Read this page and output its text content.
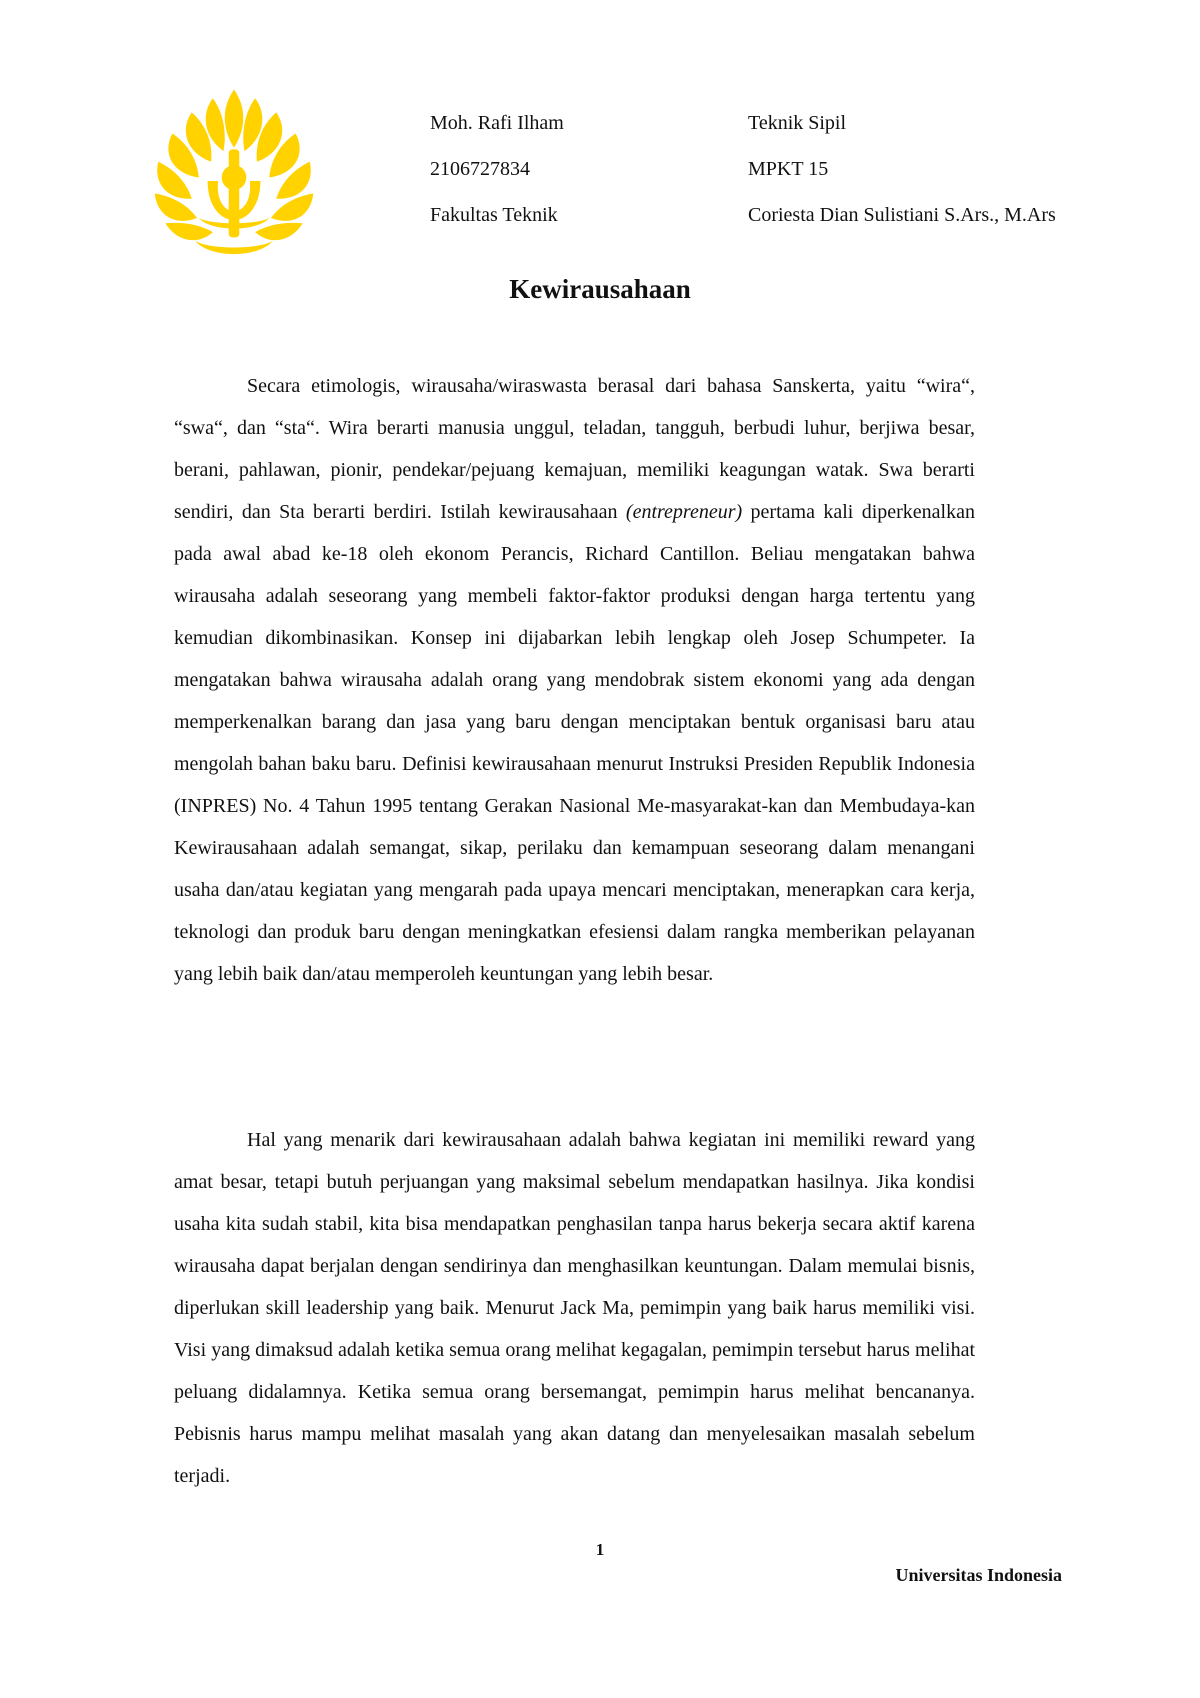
Moh. Rafi Ilham
2106727834
Fakultas Teknik
Teknik Sipil
MPKT 15
Coriesta Dian Sulistiani S.Ars., M.Ars
Kewirausahaan

Secara etimologis, wirausaha/wiraswasta berasal dari bahasa Sanskerta, yaitu “wira“, “swa“, dan “sta“. Wira berarti manusia unggul, teladan, tangguh, berbudi luhur, berjiwa besar, berani, pahlawan, pionir, pendekar/pejuang kemajuan, memiliki keagungan watak. Swa berarti sendiri, dan Sta berarti berdiri. Istilah kewirausahaan (entrepreneur) pertama kali diperkenalkan pada awal abad ke-18 oleh ekonom Perancis, Richard Cantillon. Beliau mengatakan bahwa wirausaha adalah seseorang yang membeli faktor-faktor produksi dengan harga tertentu yang kemudian dikombinasikan. Konsep ini dijabarkan lebih lengkap oleh Josep Schumpeter. Ia mengatakan bahwa wirausaha adalah orang yang mendobrak sistem ekonomi yang ada dengan memperkenalkan barang dan jasa yang baru dengan menciptakan bentuk organisasi baru atau mengolah bahan baku baru. Definisi kewirausahaan menurut Instruksi Presiden Republik Indonesia (INPRES) No. 4 Tahun 1995 tentang Gerakan Nasional Me-masyarakat-kan dan Membudaya-kan Kewirausahaan adalah semangat, sikap, perilaku dan kemampuan seseorang dalam menangani usaha dan/atau kegiatan yang mengarah pada upaya mencari menciptakan, menerapkan cara kerja, teknologi dan produk baru dengan meningkatkan efesiensi dalam rangka memberikan pelayanan yang lebih baik dan/atau memperoleh keuntungan yang lebih besar.

Hal yang menarik dari kewirausahaan adalah bahwa kegiatan ini memiliki reward yang amat besar, tetapi butuh perjuangan yang maksimal sebelum mendapatkan hasilnya. Jika kondisi usaha kita sudah stabil, kita bisa mendapatkan penghasilan tanpa harus bekerja secara aktif karena wirausaha dapat berjalan dengan sendirinya dan menghasilkan keuntungan. Dalam memulai bisnis, diperlukan skill leadership yang baik. Menurut Jack Ma, pemimpin yang baik harus memiliki visi. Visi yang dimaksud adalah ketika semua orang melihat kegagalan, pemimpin tersebut harus melihat peluang didalamnya. Ketika semua orang bersemangat, pemimpin harus melihat bencananya. Pebisnis harus mampu melihat masalah yang akan datang dan menyelesaikan masalah sebelum terjadi.

1
Universitas Indonesia
